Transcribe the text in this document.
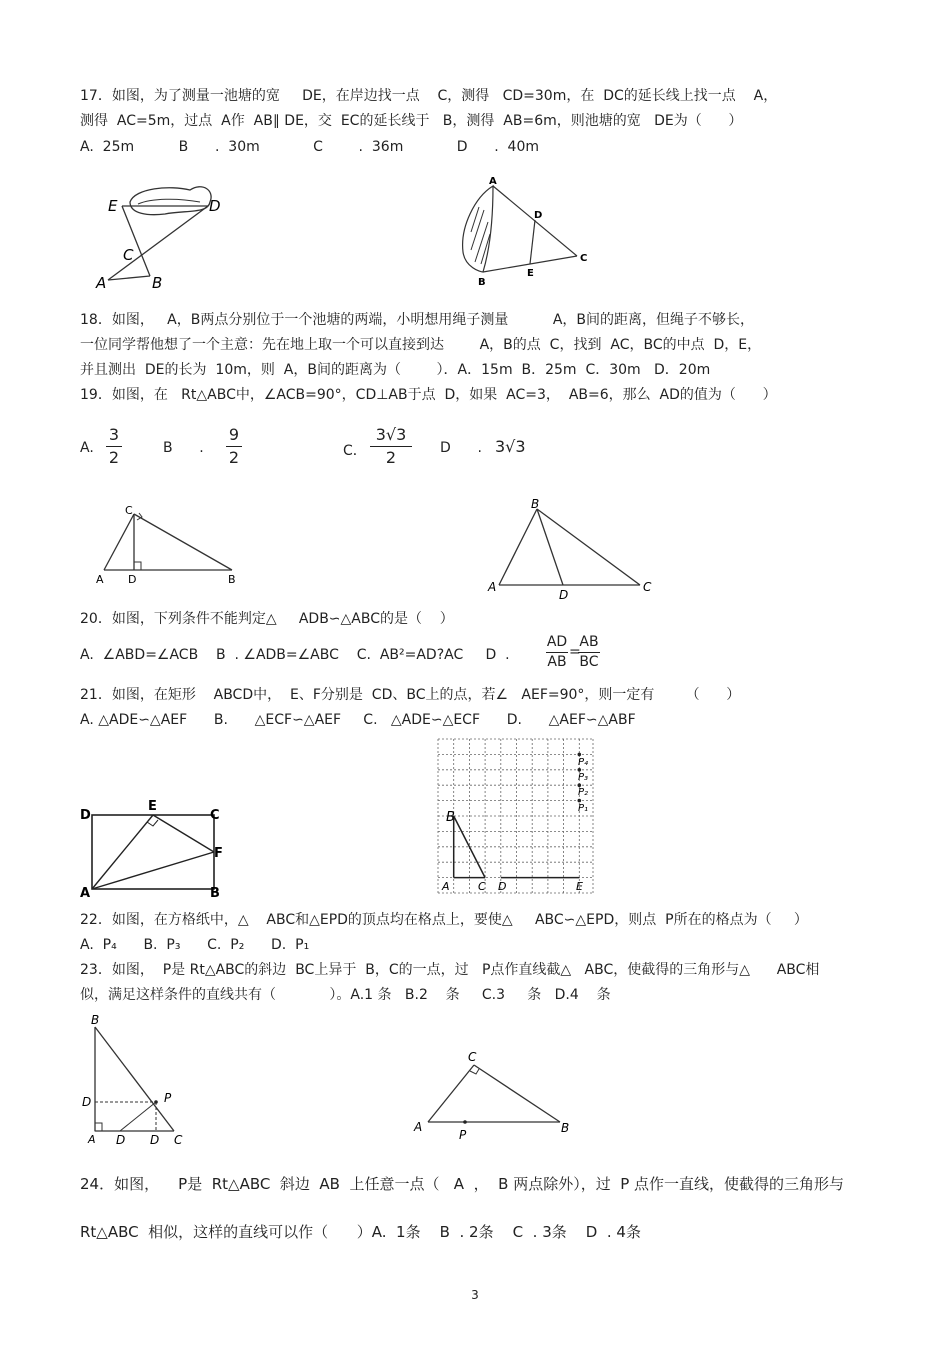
17．如图，为了测量一池塘的宽     DE，在岸边找一点    C，测得   CD=30m，在  DC的延长线上找一点    A，
测得  AC=5m，过点  A作  AB∥ DE，交  EC的延长线于   B，测得  AB=6m，则池塘的宽   DE为（      ）
A.  25m          B      .  30m            C        .  36m            D      .  40m
E	D
C
A	B
A
D
C
E
B
18．如图，   A，B两点分别位于一个池塘的两端，小明想用绳子测量          A，B间的距离，但绳子不够长，
一位同学帮他想了一个主意：先在地上取一个可以直接到达        A，B的点  C，找到  AC，BC的中点  D，E，
并且测出  DE的长为  10m，则  A，B间的距离为（        ）．A．15m  B．25m  C．30m   D．20m
19．如图，在   Rt△ABC中，∠ACB=90°，CD⊥AB于点  D，如果  AC=3，  AB=6，那么  AD的值为（      ）
A.
3
2	B      .
9
2	C．
3√3
2	D      . 3√3
C
A D	B
B
A
D
C
20．如图，下列条件不能判定△     ADB∽△ABC的是（    ）
A.  ∠ABD=∠ACB    B  . ∠ADB=∠ABC    C.  AB²=AD?AC     D  .
AD
AB
=
AB
BC
21．如图，在矩形    ABCD中，  E、F分别是  CD、BC上的点，若∠   AEF=90°，则一定有       （      ）
A. △ADE∽△AEF      B.      △ECF∽△AEF     C.   △ADE∽△ECF      D.      △AEF∽△ABF
D
E
C
F
A	B
B
A	C D	E
P₄
P₃
P₂
P₁
22．如图，在方格纸中，△    ABC和△EPD的顶点均在格点上，要使△     ABC∽△EPD，则点  P所在的格点为（     ）
A.  P₄      B.  P₃      C.  P₂      D.  P₁
23．如图，  P是 Rt△ABC的斜边  BC上异于  B，C的一点，过   P点作直线截△   ABC，使截得的三角形与△      ABC相
似，满足这样条件的直线共有（            ）。A.1 条   B.2    条     C.3     条   D.4    条
B
D	P
A D D C
C
A
P	B
24．如图，    P是  Rt△ABC  斜边  AB  上任意一点（   A  ，  B 两点除外），过  P 点作一直线，使截得的三角形与
Rt△ABC  相似，这样的直线可以作（      ）A.  1条    B  . 2条    C  . 3条    D  . 4条
3
